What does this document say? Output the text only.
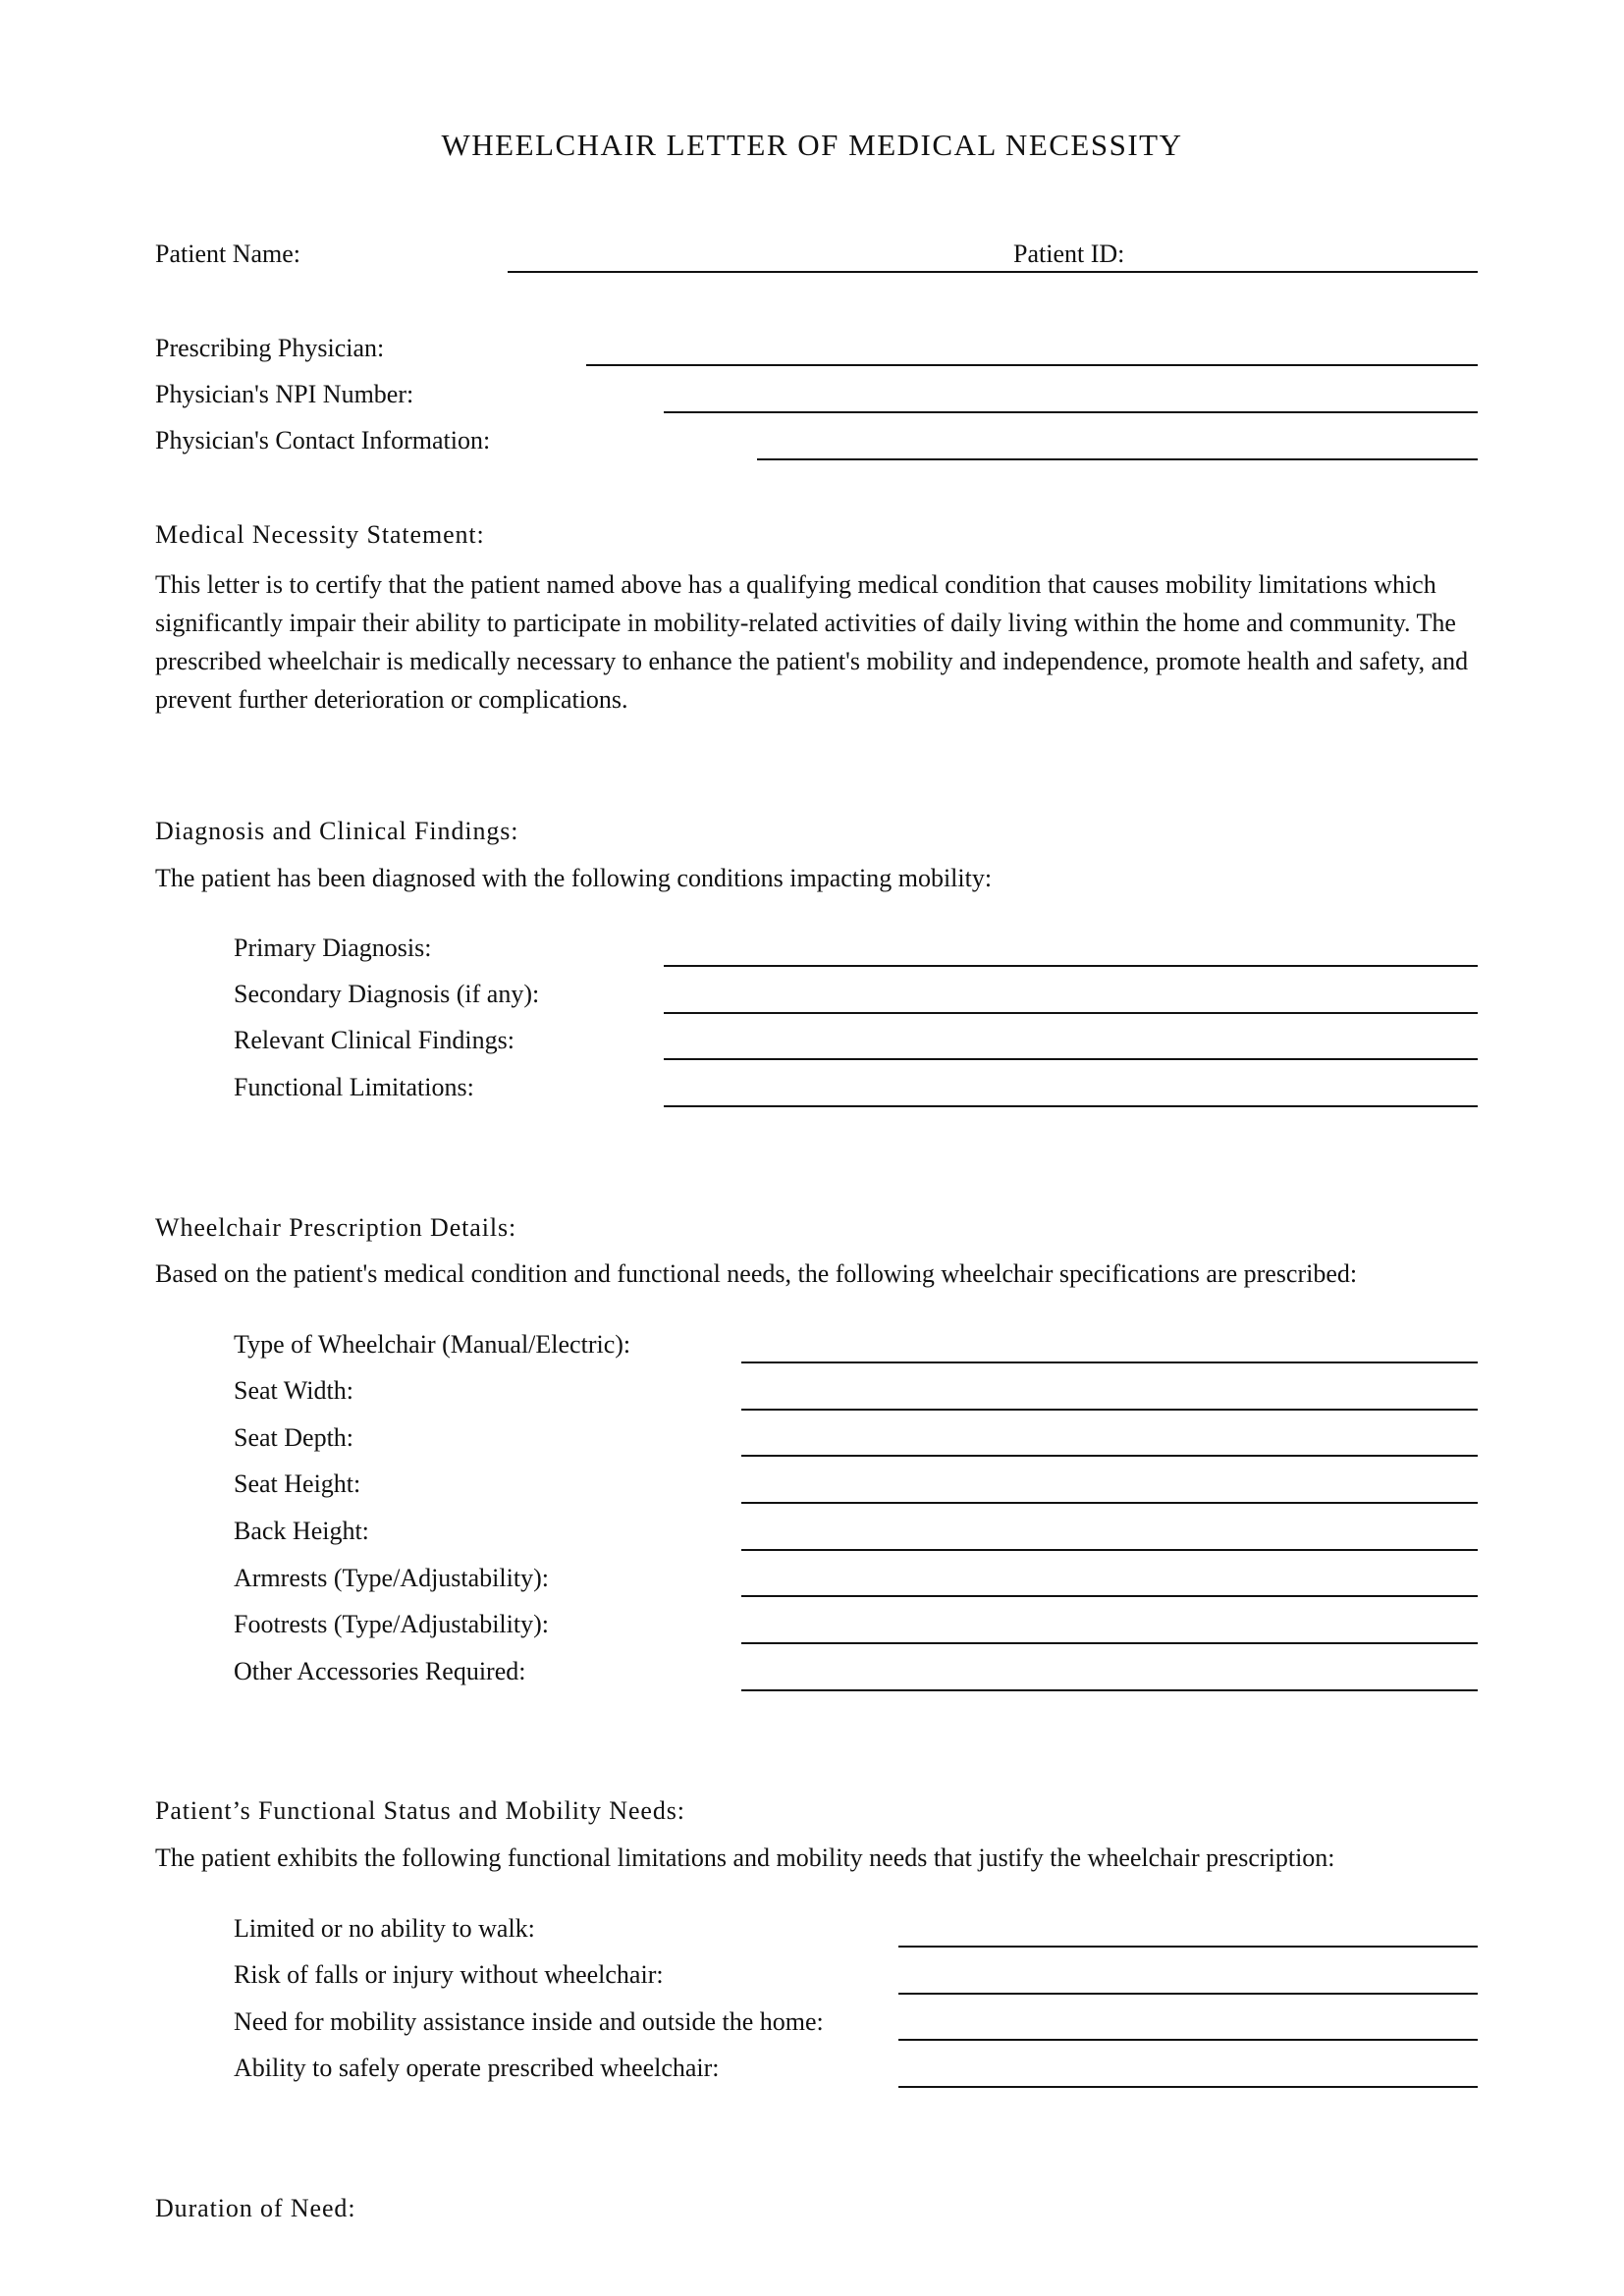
WHEELCHAIR LETTER OF MEDICAL NECESSITY
Patient Name:	Patient ID:
Prescribing Physician:
Physician's NPI Number:
Physician's Contact Information:
Medical Necessity Statement:
This letter is to certify that the patient named above has a qualifying medical condition that causes mobility limitations which significantly impair their ability to participate in mobility-related activities of daily living within the home and community. The prescribed wheelchair is medically necessary to enhance the patient's mobility and independence, promote health and safety, and prevent further deterioration or complications.
Diagnosis and Clinical Findings:
The patient has been diagnosed with the following conditions impacting mobility:
Primary Diagnosis:
Secondary Diagnosis (if any):
Relevant Clinical Findings:
Functional Limitations:
Wheelchair Prescription Details:
Based on the patient's medical condition and functional needs, the following wheelchair specifications are prescribed:
Type of Wheelchair (Manual/Electric):
Seat Width:
Seat Depth:
Seat Height:
Back Height:
Armrests (Type/Adjustability):
Footrests (Type/Adjustability):
Other Accessories Required:
Patient’s Functional Status and Mobility Needs:
The patient exhibits the following functional limitations and mobility needs that justify the wheelchair prescription:
Limited or no ability to walk:
Risk of falls or injury without wheelchair:
Need for mobility assistance inside and outside the home:
Ability to safely operate prescribed wheelchair:
Duration of Need:
